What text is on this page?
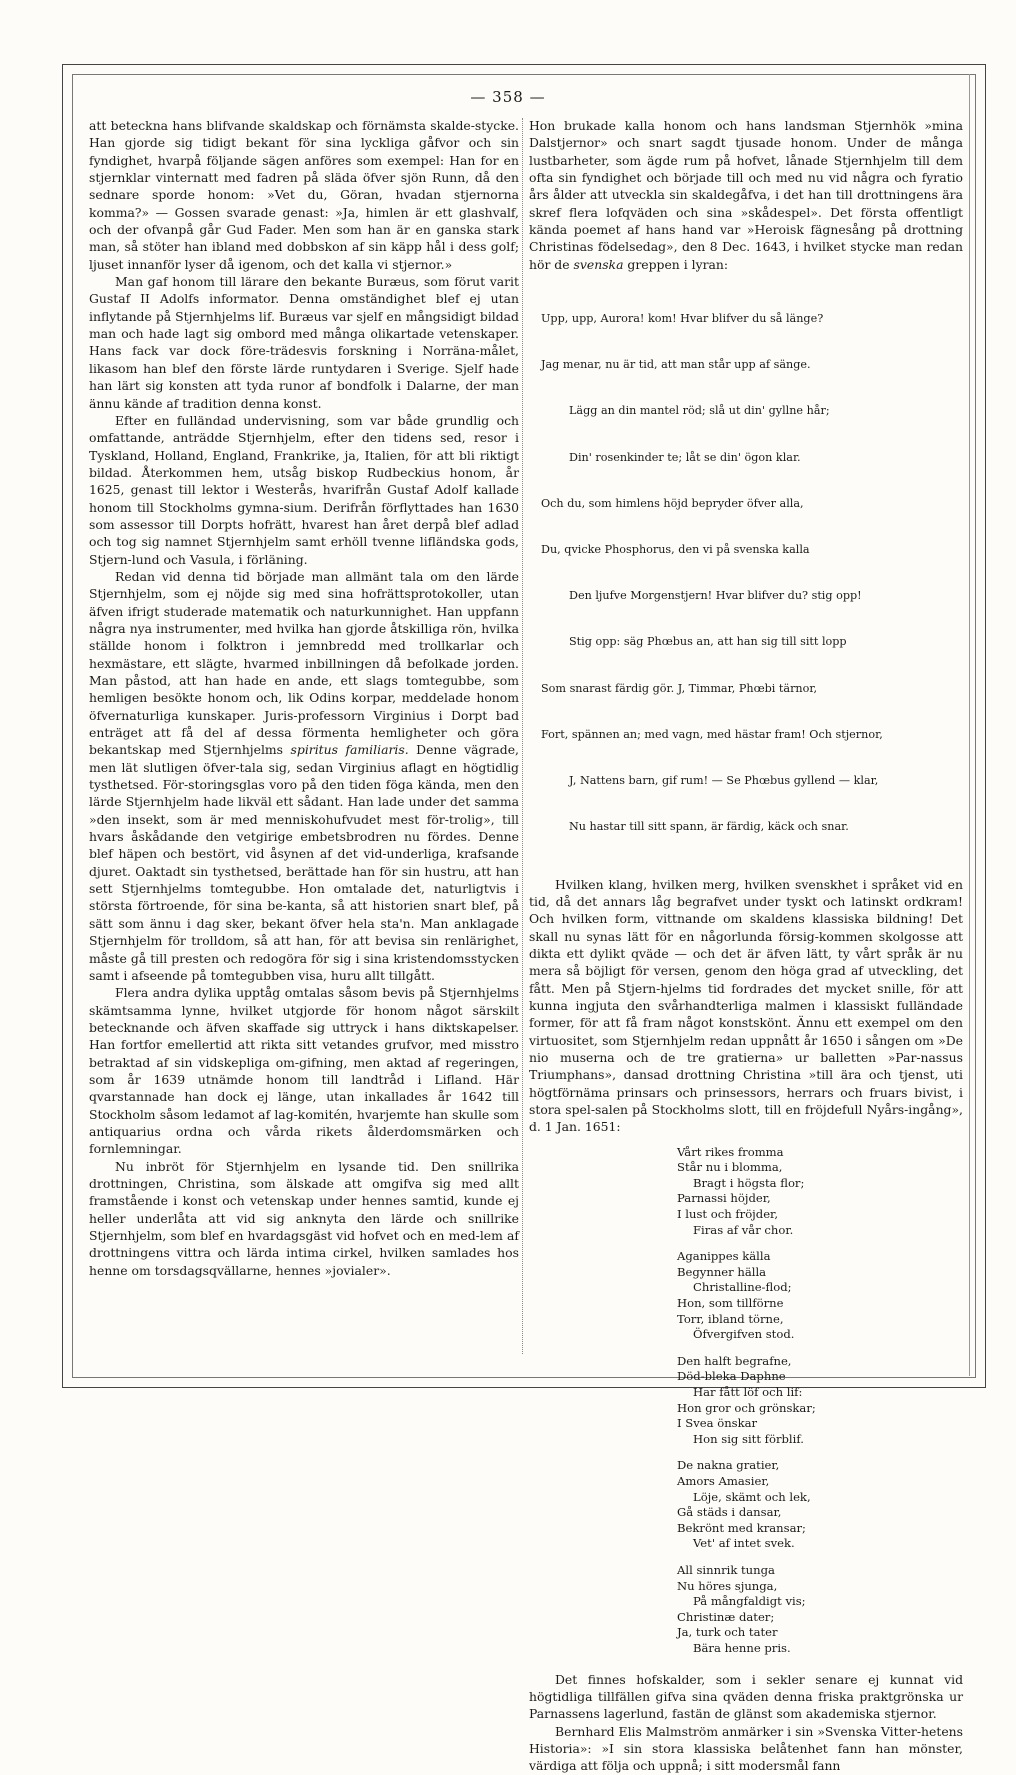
— 358 —

att beteckna hans blifvande skaldskap och förnämsta skalde-stycke. Han gjorde sig tidigt bekant för sina lyckliga gåfvor och sin fyndighet, hvarpå följande sägen anföres som exempel: Han for en stjernklar vinternatt med fadren på släda öfver sjön Runn, då den sednare sporde honom: »Vet du, Göran, hvadan stjernorna komma?» — Gossen svarade genast: »Ja, himlen är ett glashvalf, och der ofvanpå går Gud Fader. Men som han är en ganska stark man, så stöter han ibland med dobbskon af sin käpp hål i dess golf; ljuset innanför lyser då igenom, och det kalla vi stjernor.»

Man gaf honom till lärare den bekante Buræus, som förut varit Gustaf II Adolfs informator. Denna omständighet blef ej utan inflytande på Stjernhjelms lif. Buræus var sjelf en mångsidigt bildad man och hade lagt sig ombord med många olikartade vetenskaper. Hans fack var dock före-trädesvis forskning i Norräna-målet, likasom han blef den förste lärde runtydaren i Sverige. Sjelf hade han lärt sig konsten att tyda runor af bondfolk i Dalarne, der man ännu kände af tradition denna konst.

Efter en fulländad undervisning, som var både grundlig och omfattande, anträdde Stjernhjelm, efter den tidens sed, resor i Tyskland, Holland, England, Frankrike, ja, Italien, för att bli riktigt bildad. Återkommen hem, utsåg biskop Rudbeckius honom, år 1625, genast till lektor i Westerås, hvarifrån Gustaf Adolf kallade honom till Stockholms gymna-sium. Derifrån förflyttades han 1630 som assessor till Dorpts hofrätt, hvarest han året derpå blef adlad och tog sig namnet Stjernhjelm samt erhöll tvenne lifländska gods, Stjern-lund och Vasula, i förläning.

Redan vid denna tid började man allmänt tala om den lärde Stjernhjelm, som ej nöjde sig med sina hofrättsprotokoller, utan äfven ifrigt studerade matematik och naturkunnighet. Han uppfann några nya instrumenter, med hvilka han gjorde åtskilliga rön, hvilka ställde honom i folktron i jemnbredd med trollkarlar och hexmästare, ett slägte, hvarmed inbillningen då befolkade jorden. Man påstod, att han hade en ande, ett slags tomtegubbe, som hemligen besökte honom och, lik Odins korpar, meddelade honom öfvernaturliga kunskaper. Juris-professorn Virginius i Dorpt bad enträget att få del af dessa förmenta hemligheter och göra bekantskap med Stjernhjelms spiritus familiaris. Denne vägrade, men lät slutligen öfver-tala sig, sedan Virginius aflagt en högtidlig tysthetsed. För-storingsglas voro på den tiden föga kända, men den lärde Stjernhjelm hade likväl ett sådant. Han lade under det samma »den insekt, som är med menniskohufvudet mest för-trolig», till hvars åskådande den vetgirige embetsbrodren nu fördes. Denne blef häpen och bestört, vid åsynen af det vid-underliga, krafsande djuret. Oaktadt sin tysthetsed, berättade han för sin hustru, att han sett Stjernhjelms tomtegubbe. Hon omtalade det, naturligtvis i största förtroende, för sina be-kanta, så att historien snart blef, på sätt som ännu i dag sker, bekant öfver hela sta'n. Man anklagade Stjernhjelm för trolldom, så att han, för att bevisa sin renlärighet, måste gå till presten och redogöra för sig i sina kristendomsstycken samt i afseende på tomtegubben visa, huru allt tillgått.

Flera andra dylika upptåg omtalas såsom bevis på Stjernhjelms skämtsamma lynne, hvilket utgjorde för honom något särskilt betecknande och äfven skaffade sig uttryck i hans diktskapelser. Han fortfor emellertid att rikta sitt vetandes grufvor, med misstro betraktad af sin vidskepliga om-gifning, men aktad af regeringen, som år 1639 utnämde honom till landtråd i Lifland. Här qvarstannade han dock ej länge, utan inkallades år 1642 till Stockholm såsom ledamot af lag-komitén, hvarjemte han skulle som antiquarius ordna och vårda rikets ålderdomsmärken och fornlemningar.

Nu inbröt för Stjernhjelm en lysande tid. Den snillrika drottningen, Christina, som älskade att omgifva sig med allt framstående i konst och vetenskap under hennes samtid, kunde ej heller underlåta att vid sig anknyta den lärde och snillrike Stjernhjelm, som blef en hvardagsgäst vid hofvet och en med-lem af drottningens vittra och lärda intima cirkel, hvilken samlades hos henne om torsdagsqvällarne, hennes »jovialer».

Hon brukade kalla honom och hans landsman Stjernhök »mina Dalstjernor» och snart sagdt tjusade honom. Under de många lustbarheter, som ägde rum på hofvet, lånade Stjernhjelm till dem ofta sin fyndighet och började till och med nu vid några och fyratio års ålder att utveckla sin skaldegåfva, i det han till drottningens ära skref flera lofqväden och sina »skådespel». Det första offentligt kända poemet af hans hand var »Heroisk fägnesång på drottning Christinas födelsedag», den 8 Dec. 1643, i hvilket stycke man redan hör de svenska greppen i lyran:

Upp, upp, Aurora! kom! Hvar blifver du så länge?

Jag menar, nu är tid, att man står upp af sänge.

Lägg an din mantel röd; slå ut din' gyllne hår;

Din' rosenkinder te; låt se din' ögon klar.

Och du, som himlens höjd bepryder öfver alla,

Du, qvicke Phosphorus, den vi på svenska kalla

Den ljufve Morgenstjern! Hvar blifver du? stig opp!

Stig opp: säg Phœbus an, att han sig till sitt lopp

Som snarast färdig gör. J, Timmar, Phœbi tärnor,

Fort, spännen an; med vagn, med hästar fram! Och stjernor,

J, Nattens barn, gif rum! — Se Phœbus gyllend — klar,

Nu hastar till sitt spann, är färdig, käck och snar.

Hvilken klang, hvilken merg, hvilken svenskhet i språket vid en tid, då det annars låg begrafvet under tyskt och latinskt ordkram! Och hvilken form, vittnande om skaldens klassiska bildning! Det skall nu synas lätt för en någorlunda försig-kommen skolgosse att dikta ett dylikt qväde — och det är äfven lätt, ty vårt språk är nu mera så böjligt för versen, genom den höga grad af utveckling, det fått. Men på Stjern-hjelms tid fordrades det mycket snille, för att kunna ingjuta den svårhandterliga malmen i klassiskt fulländade former, för att få fram något konstskönt. Ännu ett exempel om den virtuositet, som Stjernhjelm redan uppnått år 1650 i sången om »De nio muserna och de tre gratierna» ur balletten »Par-nassus Triumphans», dansad drottning Christina »till ära och tjenst, uti högtförnäma prinsars och prinsessors, herrars och fruars bivist, i stora spel-salen på Stockholms slott, till en fröjdefull Nyårs-ingång», d. 1 Jan. 1651:

Vårt rikes fromma
Står nu i blomma,
Bragt i högsta flor;
Parnassi höjder,
I lust och fröjder,
Firas af vår chor.
Aganippes källa
Begynner hälla
Christalline-flod;
Hon, som tillförne
Torr, ibland törne,
Öfvergifven stod.
Den halft begrafne,
Död-bleka Daphne
Har fått löf och lif:
Hon gror och grönskar;
I Svea önskar
Hon sig sitt förblif.
De nakna gratier,
Amors Amasier,
Löje, skämt och lek,
Gå städs i dansar,
Bekrönt med kransar;
Vet' af intet svek.
All sinnrik tunga
Nu höres sjunga,
På mångfaldigt vis;
Christinæ dater;
Ja, turk och tater
Bära henne pris.

Det finnes hofskalder, som i sekler senare ej kunnat vid högtidliga tillfällen gifva sina qväden denna friska praktgrönska ur Parnassens lagerlund, fastän de glänst som akademiska stjernor.

Bernhard Elis Malmström anmärker i sin »Svenska Vitter-hetens Historia»: »I sin stora klassiska belåtenhet fann han mönster, värdiga att följa och uppnå; i sitt modersmål fann
